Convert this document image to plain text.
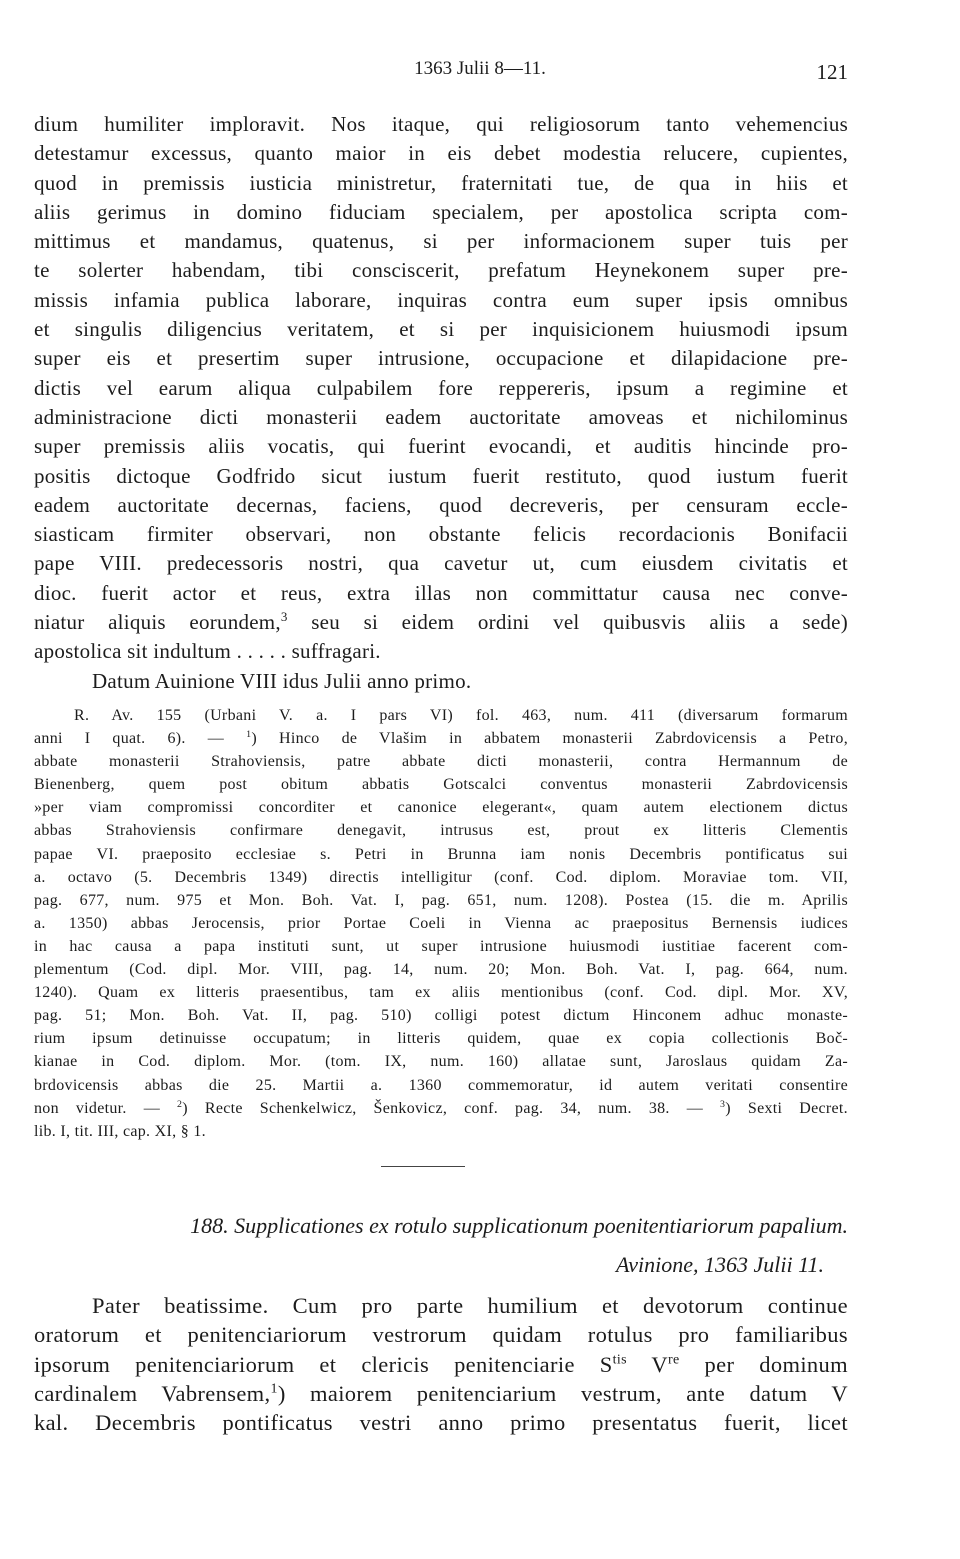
1363 Julii 8—11.	121
dium humiliter imploravit. Nos itaque, qui religiosorum tanto vehemencius
detestamur excessus, quanto maior in eis debet modestia relucere, cupientes,
quod in premissis iusticia ministretur, fraternitati tue, de qua in hiis et
aliis gerimus in domino fiduciam specialem, per apostolica scripta com-
mittimus et mandamus, quatenus, si per informacionem super tuis per
te solerter habendam, tibi consciscerit, prefatum Heynekonem super pre-
missis infamia publica laborare, inquiras contra eum super ipsis omnibus
et singulis diligencius veritatem, et si per inquisicionem huiusmodi ipsum
super eis et presertim super intrusione, occupacione et dilapidacione pre-
dictis vel earum aliqua culpabilem fore reppereris, ipsum a regimine et
administracione dicti monasterii eadem auctoritate amoveas et nichilominus
super premissis aliis vocatis, qui fuerint evocandi, et auditis hincinde pro-
positis dictoque Godfrido sicut iustum fuerit restituto, quod iustum fuerit
eadem auctoritate decernas, faciens, quod decreveris, per censuram eccle-
siasticam firmiter observari, non obstante felicis recordacionis Bonifacii
pape VIII. predecessoris nostri, qua cavetur ut, cum eiusdem civitatis et
dioc. fuerit actor et reus, extra illas non committatur causa nec conve-
niatur aliquis eorundem,$^3$ seu si eidem ordini vel quibusvis aliis a sede)
apostolica sit indultum . . . . . suffragari.
Datum Auinione VIII idus Julii anno primo.
R. Av. 155 (Urbani V. a. I pars VI) fol. 463, num. 411 (diversarum formarum
anni I quat. 6). — $^1$) Hinco de Vlašim in abbatem monasterii Zabrdovicensis a Petro,
abbate monasterii Strahoviensis, patre abbate dicti monasterii, contra Hermannum de
Bienenberg, quem post obitum abbatis Gotscalci conventus monasterii Zabrdovicensis
»per viam compromissi concorditer et canonice elegerant«, quam autem electionem dictus
abbas Strahoviensis confirmare denegavit, intrusus est, prout ex litteris Clementis
papae VI. praeposito ecclesiae s. Petri in Brunna iam nonis Decembris pontificatus sui
a. octavo (5. Decembris 1349) directis intelligitur (conf. Cod. diplom. Moraviae tom. VII,
pag. 677, num. 975 et Mon. Boh. Vat. I, pag. 651, num. 1208). Postea (15. die m. Aprilis
a. 1350) abbas Jerocensis, prior Portae Coeli in Vienna ac praepositus Bernensis iudices
in hac causa a papa instituti sunt, ut super intrusione huiusmodi iustitiae facerent com-
plementum (Cod. dipl. Mor. VIII, pag. 14, num. 20; Mon. Boh. Vat. I, pag. 664, num.
1240). Quam ex litteris praesentibus, tam ex aliis mentionibus (conf. Cod. dipl. Mor. XV,
pag. 51; Mon. Boh. Vat. II, pag. 510) colligi potest dictum Hinconem adhuc monaste-
rium ipsum detinuisse occupatum; in litteris quidem, quae ex copia collectionis Boč-
kianae in Cod. diplom. Mor. (tom. IX, num. 160) allatae sunt, Jaroslaus quidam Za-
brdovicensis abbas die 25. Martii a. 1360 commemoratur, id autem veritati consentire
non videtur. — $^2$) Recte Schenkelwicz, Šenkovicz, conf. pag. 34, num. 38. — $^3$) Sexti Decret.
lib. I, tit. III, cap. XI, § 1.
188. Supplicationes ex rotulo supplicationum poenitentiariorum papalium.
Avinione, 1363 Julii 11.
Pater beatissime. Cum pro parte humilium et devotorum continue
oratorum et penitenciariorum vestrorum quidam rotulus pro familiaribus
ipsorum penitenciariorum et clericis penitenciarie $S^{tis}$ Vre per dominum
cardinalem Vabrensem,$^1$) maiorem penitenciarium vestrum, ante datum V
kal. Decembris pontificatus vestri anno primo presentatus fuerit, licet
